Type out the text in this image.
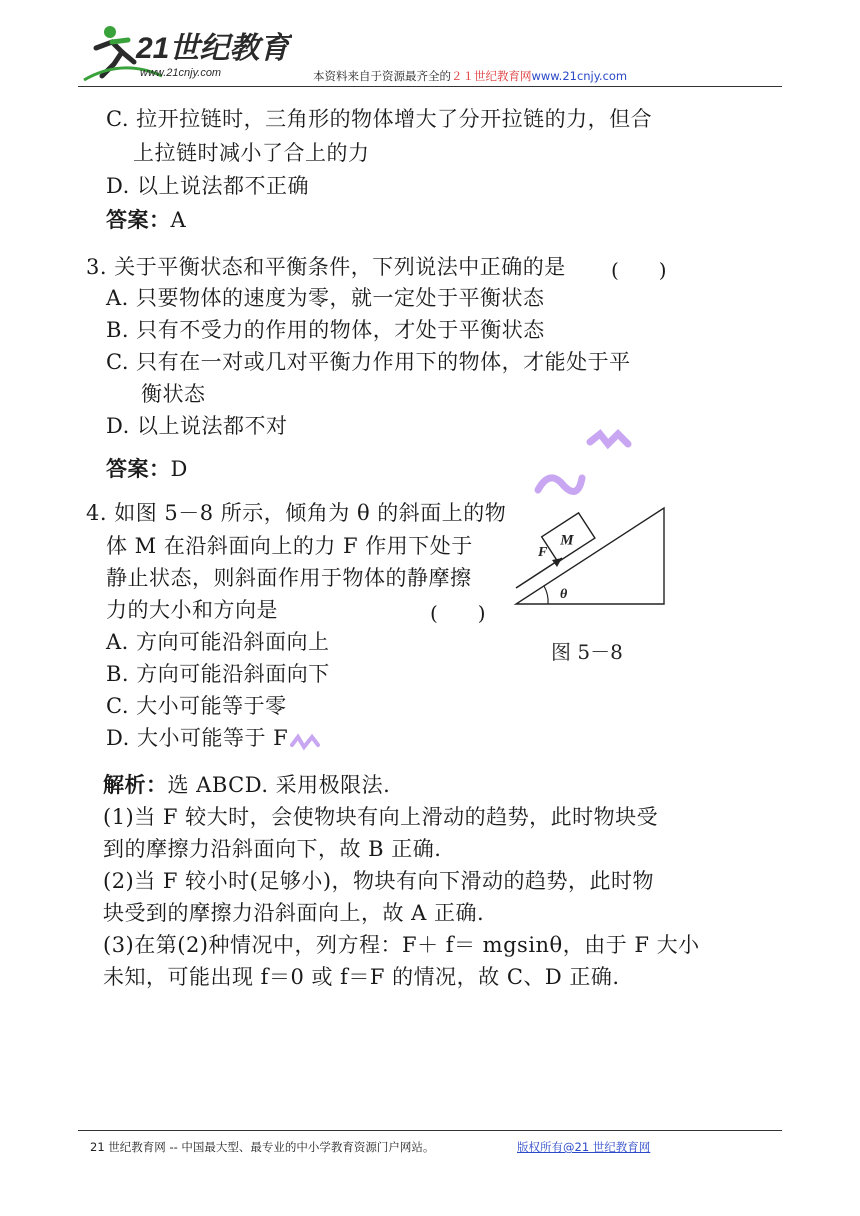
21世纪教育
www.21cnjy.com	本资料来自于资源最齐全的２１世纪教育网www.21cnjy.com
C. 拉开拉链时，三角形的物体增大了分开拉链的力，但合
上拉链时减小了合上的力
D. 以上说法都不正确
答案：A
3. 关于平衡状态和平衡条件，下列说法中正确的是 (　　)
A. 只要物体的速度为零，就一定处于平衡状态
B. 只有不受力的作用的物体，才处于平衡状态
C. 只有在一对或几对平衡力作用下的物体，才能处于平
衡状态
D. 以上说法都不对
答案：D
4. 如图 5－8 所示，倾角为 θ 的斜面上的物
体 M 在沿斜面向上的力 F 作用下处于
静止状态，则斜面作用于物体的静摩擦
力的大小和方向是	(　　)
A. 方向可能沿斜面向上
B. 方向可能沿斜面向下
C. 大小可能等于零
D. 大小可能等于 F
M
F
θ
图 5－8
解析：选 ABCD. 采用极限法.
(1)当 F 较大时，会使物块有向上滑动的趋势，此时物块受
到的摩擦力沿斜面向下，故 B 正确.
(2)当 F 较小时(足够小)，物块有向下滑动的趋势，此时物
块受到的摩擦力沿斜面向上，故 A 正确.
(3)在第(2)种情况中，列方程：F＋ f＝ mgsinθ，由于 F 大小
未知，可能出现 f＝0 或 f＝F 的情况，故 C、D 正确.
21 世纪教育网 -- 中国最大型、最专业的中小学教育资源门户网站。	版权所有@21 世纪教育网
